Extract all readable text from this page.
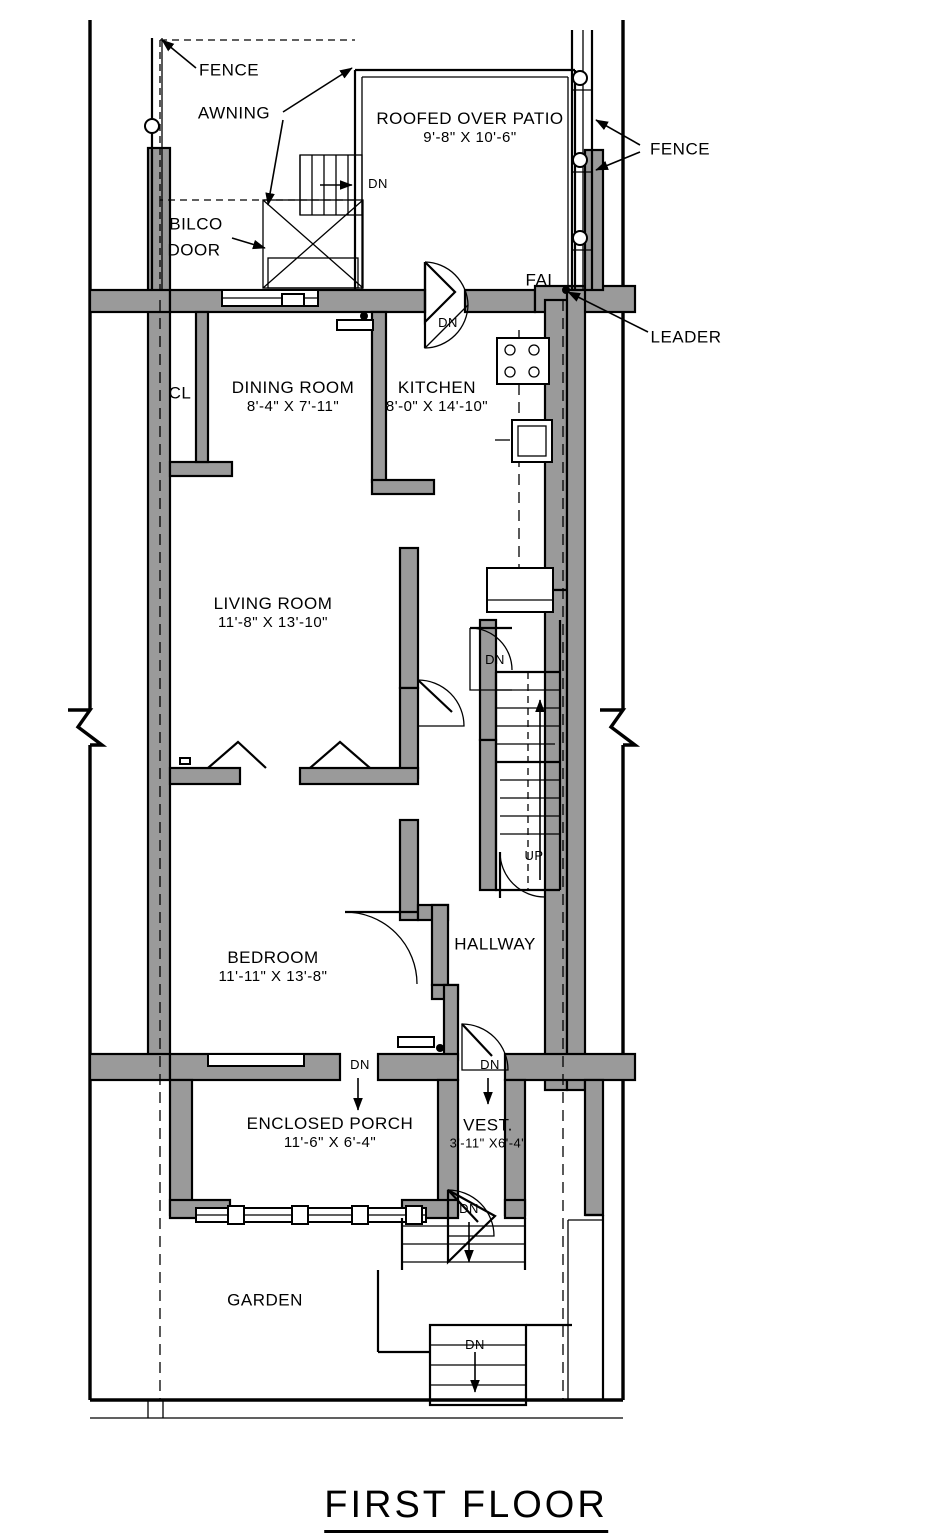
ROOFED OVER PATIO
9'-8" X 10'-6"
DINING ROOM
8'-4" X 7'-11"
KITCHEN
8'-0" X 14'-10"
LIVING ROOM
11'-8" X 13'-10"
BEDROOM
11'-11" X 13'-8"
HALLWAY
ENCLOSED PORCH
11'-6" X 6'-4"
VEST.
3'-11" X6'-4"
GARDEN
FENCE
AWNING
FENCE
BILCO
DOOR
FAI
LEADER
CL
DN
DN
DN
UP
DN	DN
DN
DN
FIRST FLOOR
